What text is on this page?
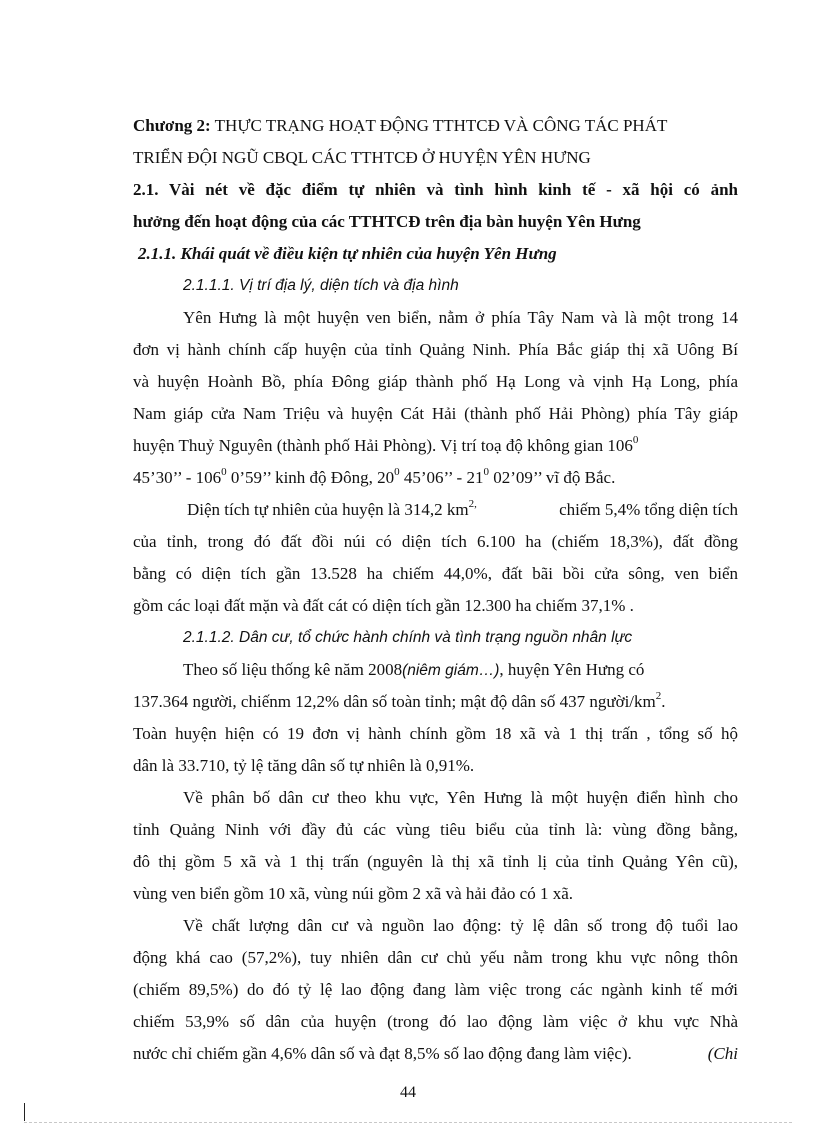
Chương 2: THỰC TRẠNG HOẠT ĐỘNG TTHTCĐ VÀ CÔNG TÁC PHÁT
TRIỂN ĐỘI NGŨ CBQL CÁC TTHTCĐ Ở HUYỆN YÊN HƯNG
2.1. Vài nét về đặc điểm tự nhiên và tình hình kinh tế - xã hội có ảnh
hưởng đến hoạt động của các TTHTCĐ trên địa bàn huyện Yên Hưng
2.1.1. Khái quát về điều kiện tự nhiên của huyện Yên Hưng
2.1.1.1. Vị trí địa lý, diện tích và địa hình
Yên Hưng là một huyện ven biển, nằm ở phía Tây Nam và là một trong 14
đơn vị hành chính cấp huyện của tỉnh Quảng Ninh. Phía Bắc giáp thị xã Uông Bí
và huyện Hoành Bồ, phía Đông giáp thành phố Hạ Long và vịnh Hạ Long, phía
Nam giáp cửa Nam Triệu và huyện Cát Hải (thành phố Hải Phòng) phía Tây giáp
huyện Thuỷ Nguyên (thành phố Hải Phòng). Vị trí toạ độ không gian $106^0$
45’30’’ - $106^0$ 0’59’’ kinh độ Đông, $20^0$ 45’06’’ - $21^0$ 02’09’’ vĩ độ Bắc.
Diện tích tự nhiên của huyện là 314,2 $km^{2,}$	chiếm 5,4% tổng diện tích
của tỉnh, trong đó đất đồi núi có diện tích 6.100 ha (chiếm 18,3%), đất đồng
bằng có diện tích gần 13.528 ha chiếm 44,0%, đất bãi bồi cửa sông, ven biển
gồm các loại đất mặn và đất cát có diện tích gần 12.300 ha chiếm 37,1% .
2.1.1.2. Dân cư, tổ chức hành chính và tình trạng nguồn nhân lực
Theo số liệu thống kê năm 2008(niêm giám…), huyện Yên Hưng có
137.364 người, chiếnm 12,2% dân số toàn tỉnh; mật độ dân số 437 người/$km^2$.
Toàn huyện hiện có 19 đơn vị hành chính gồm 18 xã và 1 thị trấn , tổng số hộ
dân là 33.710, tỷ lệ tăng dân số tự nhiên là 0,91%.
Về phân bố dân cư theo khu vực, Yên Hưng là một huyện điển hình cho
tỉnh Quảng Ninh với đầy đủ các vùng tiêu biểu của tỉnh là: vùng đồng bằng,
đô thị gồm 5 xã và 1 thị trấn (nguyên là thị xã tỉnh lị của tỉnh Quảng Yên cũ),
vùng ven biển gồm 10 xã, vùng núi gồm 2 xã và hải đảo có 1 xã.
Về chất lượng dân cư và nguồn lao động: tỷ lệ dân số trong độ tuổi lao
động khá cao (57,2%), tuy nhiên dân cư chủ yếu nằm trong khu vực nông thôn
(chiếm 89,5%) do đó tỷ lệ lao động đang làm việc trong các ngành kinh tế mới
chiếm 53,9% số dân của huyện (trong đó lao động làm việc ở khu vực Nhà
nước chỉ chiếm gần 4,6% dân số và đạt 8,5% số lao động đang làm việc).	(Chi
44
